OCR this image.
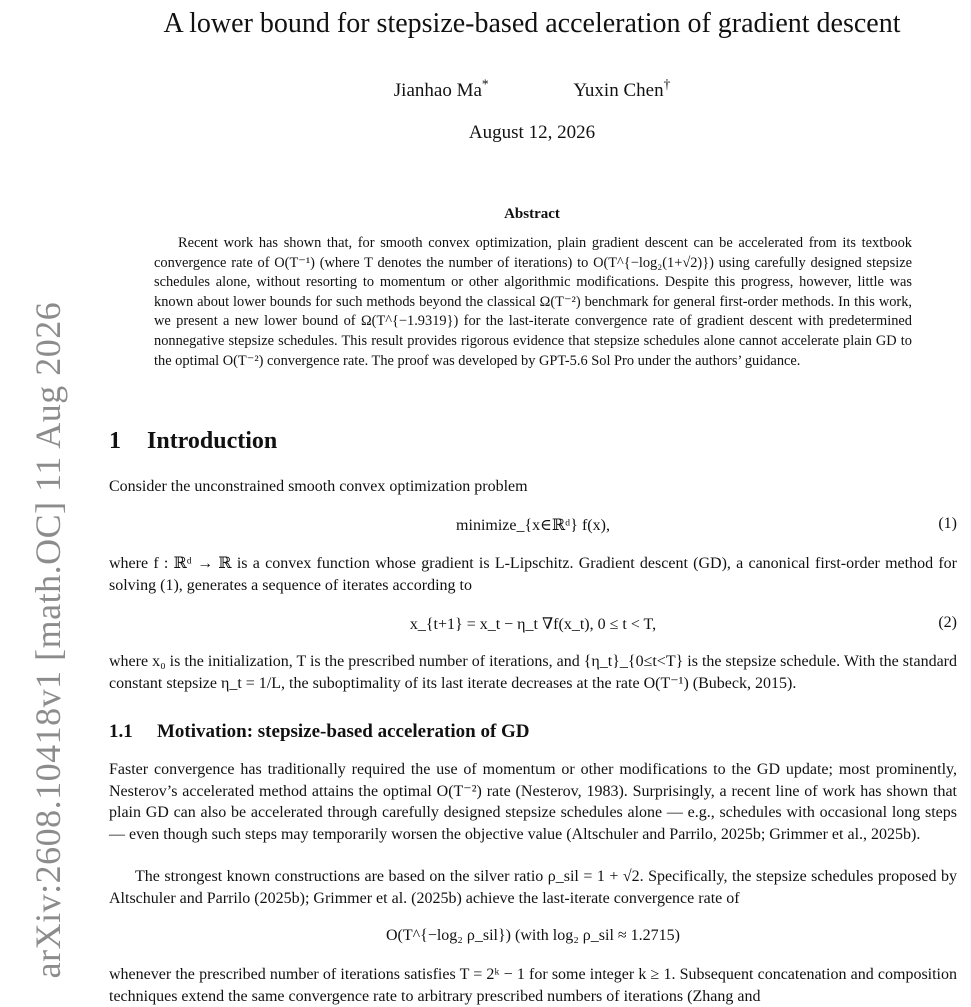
arXiv:2608.10418v1 [math.OC] 11 Aug 2026
A lower bound for stepsize-based acceleration of gradient descent
Jianhao Ma*	Yuxin Chen†
August 12, 2026
Abstract
Recent work has shown that, for smooth convex optimization, plain gradient descent can be accelerated from its textbook convergence rate of O(T⁻¹) (where T denotes the number of iterations) to O(T^{−log₂(1+√2)}) using carefully designed stepsize schedules alone, without resorting to momentum or other algorithmic modifications. Despite this progress, however, little was known about lower bounds for such methods beyond the classical Ω(T⁻²) benchmark for general first-order methods. In this work, we present a new lower bound of Ω(T^{−1.9319}) for the last-iterate convergence rate of gradient descent with predetermined nonnegative stepsize schedules. This result provides rigorous evidence that stepsize schedules alone cannot accelerate plain GD to the optimal O(T⁻²) convergence rate. The proof was developed by GPT-5.6 Sol Pro under the authors’ guidance.
1 Introduction
Consider the unconstrained smooth convex optimization problem
minimize_{x∈ℝᵈ} f(x),	(1)
where f : ℝᵈ → ℝ is a convex function whose gradient is L-Lipschitz. Gradient descent (GD), a canonical first-order method for solving (1), generates a sequence of iterates according to
x_{t+1} = x_t − η_t ∇f(x_t), 0 ≤ t < T,	(2)
where x₀ is the initialization, T is the prescribed number of iterations, and {η_t}_{0≤t<T} is the stepsize schedule. With the standard constant stepsize η_t = 1/L, the suboptimality of its last iterate decreases at the rate O(T⁻¹) (Bubeck, 2015).
1.1 Motivation: stepsize-based acceleration of GD
Faster convergence has traditionally required the use of momentum or other modifications to the GD update; most prominently, Nesterov’s accelerated method attains the optimal O(T⁻²) rate (Nesterov, 1983). Surprisingly, a recent line of work has shown that plain GD can also be accelerated through carefully designed stepsize schedules alone — e.g., schedules with occasional long steps — even though such steps may temporarily worsen the objective value (Altschuler and Parrilo, 2025b; Grimmer et al., 2025b).
The strongest known constructions are based on the silver ratio ρ_sil = 1 + √2. Specifically, the stepsize schedules proposed by Altschuler and Parrilo (2025b); Grimmer et al. (2025b) achieve the last-iterate convergence rate of
O(T^{−log₂ ρ_sil}) (with log₂ ρ_sil ≈ 1.2715)
whenever the prescribed number of iterations satisfies T = 2ᵏ − 1 for some integer k ≥ 1. Subsequent concatenation and composition techniques extend the same convergence rate to arbitrary prescribed numbers of iterations (Zhang and
